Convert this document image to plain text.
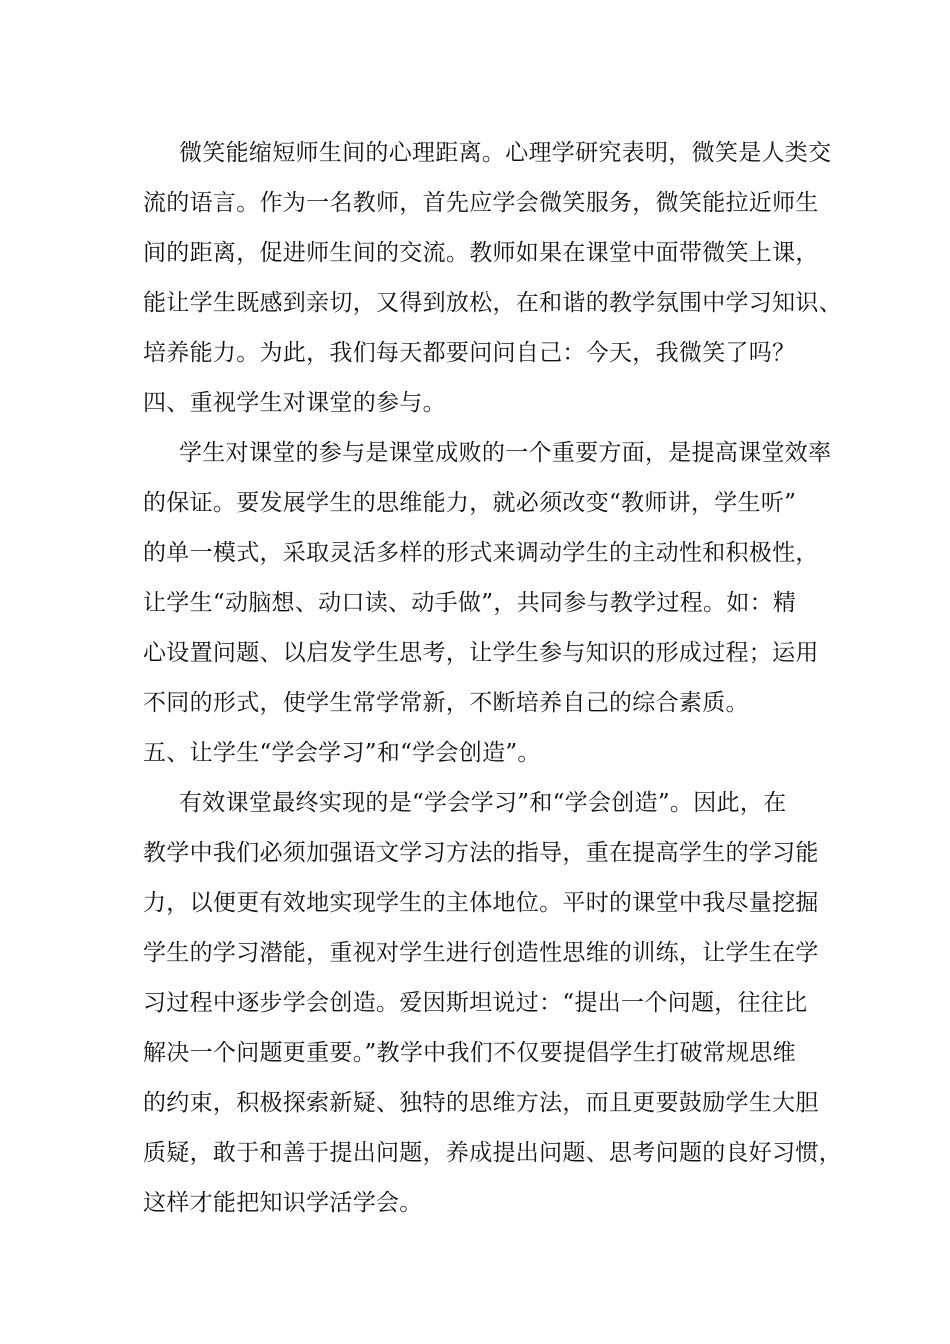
微笑能缩短师生间的心理距离。心理学研究表明，微笑是人类交
流的语言。作为一名教师，首先应学会微笑服务，微笑能拉近师生
间的距离，促进师生间的交流。教师如果在课堂中面带微笑上课，
能让学生既感到亲切，又得到放松，在和谐的教学氛围中学习知识、
培养能力。为此，我们每天都要问问自己：今天，我微笑了吗？
四、重视学生对课堂的参与。
学生对课堂的参与是课堂成败的一个重要方面，是提高课堂效率
的保证。要发展学生的思维能力，就必须改变“教师讲，学生听”
的单一模式，采取灵活多样的形式来调动学生的主动性和积极性，
让学生“动脑想、动口读、动手做”，共同参与教学过程。如：精
心设置问题、以启发学生思考，让学生参与知识的形成过程；运用
不同的形式，使学生常学常新，不断培养自己的综合素质。
五、让学生“学会学习”和“学会创造”。
有效课堂最终实现的是“学会学习”和“学会创造”。因此，在
教学中我们必须加强语文学习方法的指导，重在提高学生的学习能
力，以便更有效地实现学生的主体地位。平时的课堂中我尽量挖掘
学生的学习潜能，重视对学生进行创造性思维的训练，让学生在学
习过程中逐步学会创造。爱因斯坦说过：“提出一个问题，往往比
解决一个问题更重要。”教学中我们不仅要提倡学生打破常规思维
的约束，积极探索新疑、独特的思维方法，而且更要鼓励学生大胆
质疑，敢于和善于提出问题，养成提出问题、思考问题的良好习惯，
这样才能把知识学活学会。
